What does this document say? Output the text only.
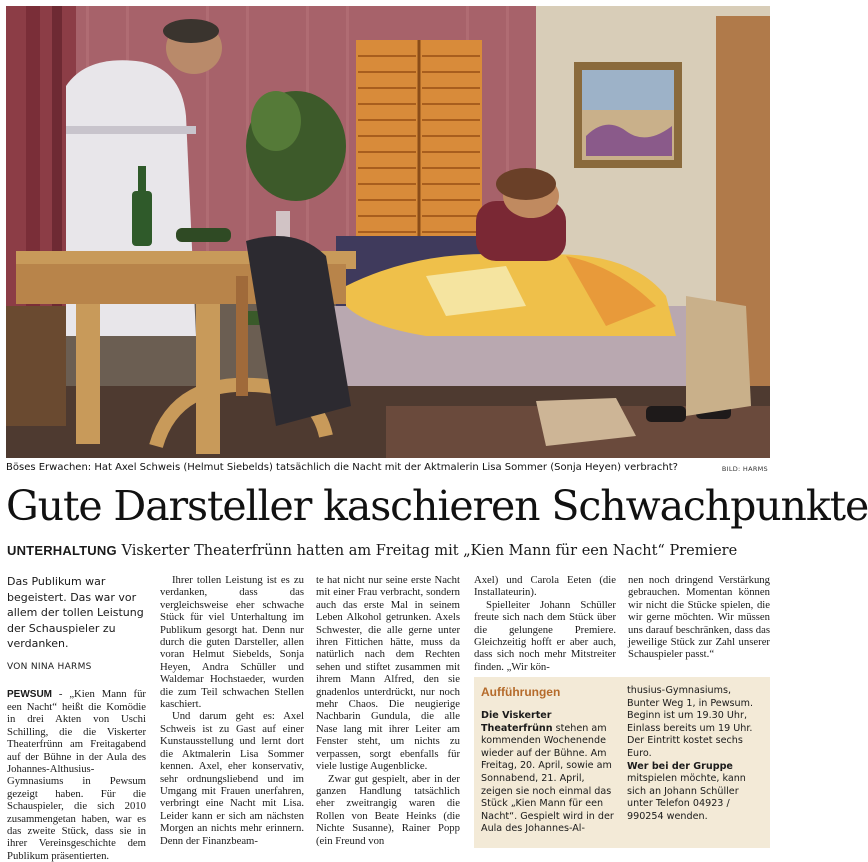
Böses Erwachen: Hat Axel Schweis (Helmut Siebelds) tatsächlich die Nacht mit der Aktmalerin Lisa Sommer (Sonja Heyen) verbracht?	BILD: HARMS
Gute Darsteller kaschieren Schwachpunkte
UNTERHALTUNG Viskerter Theaterfrünn hatten am Freitag mit „Kien Mann für een Nacht“ Premiere

Das Publikum war begeistert. Das war vor allem der tollen Leistung der Schauspieler zu verdanken.

VON NINA HARMS

PEWSUM - „Kien Mann für een Nacht“ heißt die Komödie in drei Akten von Uschi Schilling, die die Viskerter Theaterfrünn am Freitagabend auf der Bühne in der Aula des Johannes-Althusius-Gymnasiums in Pewsum gezeigt haben. Für die Schauspieler, die sich 2010 zusammengetan haben, war es das zweite Stück, dass sie in ihrer Vereinsgeschichte dem Publikum präsentierten.

Ihrer tollen Leistung ist es zu verdanken, dass das vergleichsweise eher schwache Stück für viel Unterhaltung im Publikum gesorgt hat. Denn nur durch die guten Darsteller, allen voran Helmut Siebelds, Sonja Heyen, Andra Schüller und Waldemar Hochstaeder, wurden die zum Teil schwachen Stellen kaschiert.

Und darum geht es: Axel Schweis ist zu Gast auf einer Kunstausstellung und lernt dort die Aktmalerin Lisa Sommer kennen. Axel, eher konservativ, sehr ordnungsliebend und im Umgang mit Frauen unerfahren, verbringt eine Nacht mit Lisa. Leider kann er sich am nächsten Morgen an nichts mehr erinnern. Denn der Finanzbeam-

te hat nicht nur seine erste Nacht mit einer Frau verbracht, sondern auch das erste Mal in seinem Leben Alkohol getrunken. Axels Schwester, die alle gerne unter ihren Fittichen hätte, muss da natürlich nach dem Rechten sehen und stiftet zusammen mit ihrem Mann Alfred, den sie gnadenlos unterdrückt, nur noch mehr Chaos. Die neugierige Nachbarin Gundula, die alle Nase lang mit ihrer Leiter am Fenster steht, um nichts zu verpassen, sorgt ebenfalls für viele lustige Augenblicke.

Zwar gut gespielt, aber in der ganzen Handlung tatsächlich eher zweitrangig waren die Rollen von Beate Heinks (die Nichte Susanne), Rainer Popp (ein Freund von

Axel) und Carola Eeten (die Installateurin).

Spielleiter Johann Schüller freute sich nach dem Stück über die gelungene Premiere. Gleichzeitig hofft er aber auch, dass sich noch mehr Mitstreiter finden. „Wir kön-

nen noch dringend Verstärkung gebrauchen. Momentan können wir nicht die Stücke spielen, die wir gerne möchten. Wir müssen uns darauf beschränken, dass das jeweilige Stück zur Zahl unserer Schauspieler passt.“

Aufführungen
Die Viskerter Theaterfrünn stehen am kommenden Wochenende wieder auf der Bühne. Am Freitag, 20. April, sowie am Sonnabend, 21. April, zeigen sie noch einmal das Stück „Kien Mann für een Nacht“. Gespielt wird in der Aula des Johannes-Al-
thusius-Gymnasiums, Bunter Weg 1, in Pewsum. Beginn ist um 19.30 Uhr, Einlass bereits um 19 Uhr. Der Eintritt kostet sechs Euro.
Wer bei der Gruppe mitspielen möchte, kann sich an Johann Schüller unter Telefon 04923 / 990254 wenden.
